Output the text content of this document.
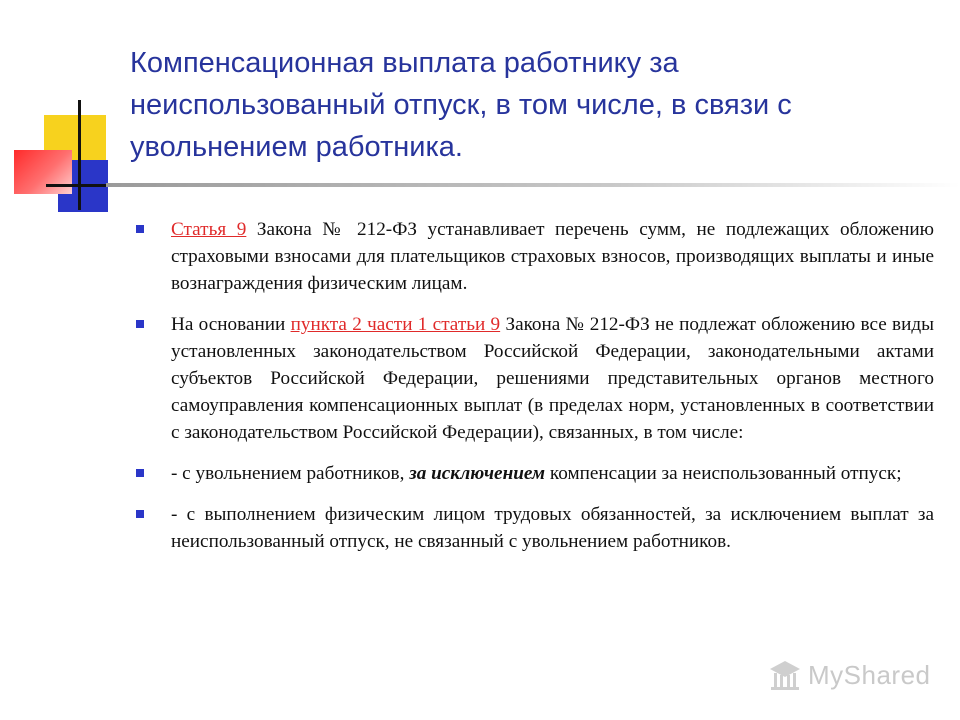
Компенсационная выплата работнику за неиспользованный отпуск, в том числе, в связи с увольнением работника.
Статья 9 Закона № 212-ФЗ устанавливает перечень сумм, не подлежащих обложению страховыми взносами для плательщиков страховых взносов, производящих выплаты и иные вознаграждения физическим лицам.
На основании пункта 2 части 1 статьи 9 Закона № 212-ФЗ не подлежат обложению все виды установленных законодательством Российской Федерации, законодательными актами субъектов Российской Федерации, решениями представительных органов местного самоуправления компенсационных выплат (в пределах норм, установленных в соответствии с законодательством Российской Федерации), связанных, в том числе:
- с увольнением работников, за исключением компенсации за неиспользованный отпуск;
- с выполнением физическим лицом трудовых обязанностей, за исключением выплат за неиспользованный отпуск, не связанный с увольнением работников.
MyShared
